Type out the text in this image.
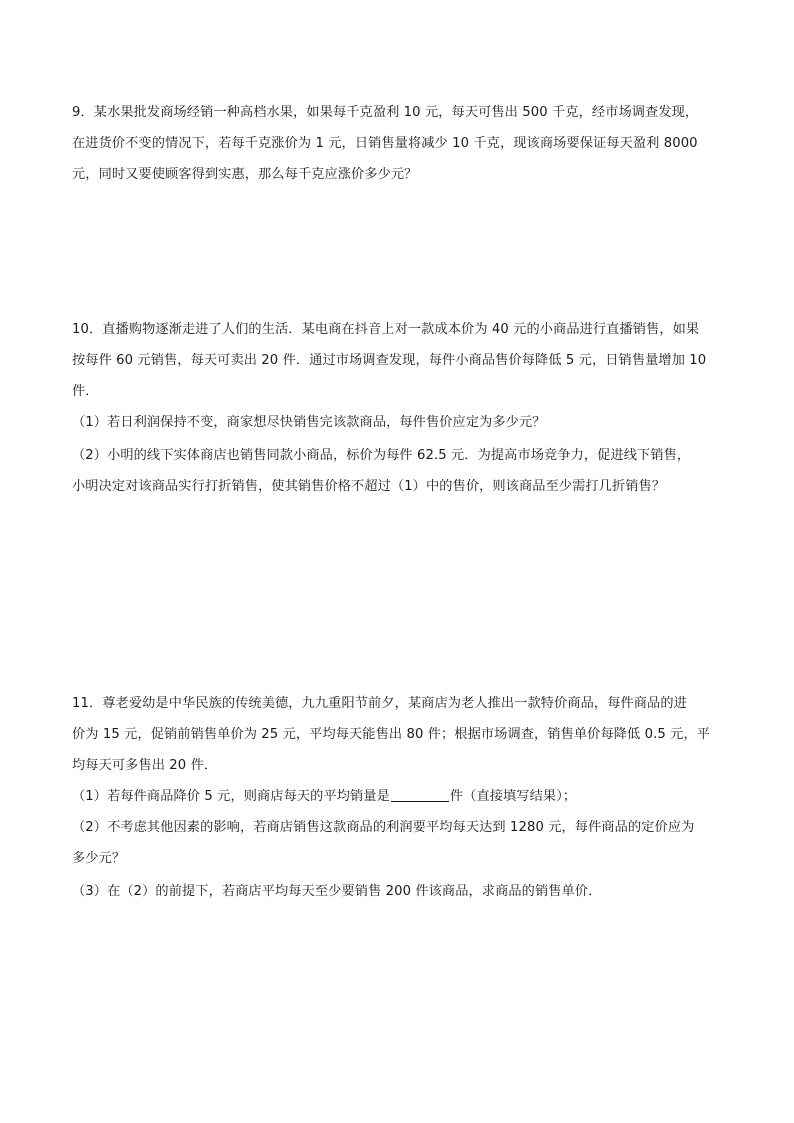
9．某水果批发商场经销一种高档水果，如果每千克盈利 10 元，每天可售出 500 千克，经市场调查发现，
在进货价不变的情况下，若每千克涨价为 1 元，日销售量将减少 10 千克，现该商场要保证每天盈利 8000
元，同时又要使顾客得到实惠，那么每千克应涨价多少元？
10．直播购物逐渐走进了人们的生活．某电商在抖音上对一款成本价为 40 元的小商品进行直播销售，如果
按每件 60 元销售，每天可卖出 20 件．通过市场调查发现，每件小商品售价每降低 5 元，日销售量增加 10
件．
（1）若日利润保持不变，商家想尽快销售完该款商品，每件售价应定为多少元？
（2）小明的线下实体商店也销售同款小商品，标价为每件 62.5 元．为提高市场竞争力，促进线下销售，
小明决定对该商品实行打折销售，使其销售价格不超过（1）中的售价，则该商品至少需打几折销售？
11．尊老爱幼是中华民族的传统美德，九九重阳节前夕，某商店为老人推出一款特价商品，每件商品的进
价为 15 元，促销前销售单价为 25 元，平均每天能售出 80 件；根据市场调查，销售单价每降低 0.5 元，平
均每天可多售出 20 件．
（1）若每件商品降价 5 元，则商店每天的平均销量是	件（直接填写结果）；
（2）不考虑其他因素的影响，若商店销售这款商品的利润要平均每天达到 1280 元，每件商品的定价应为
多少元？
（3）在（2）的前提下，若商店平均每天至少要销售 200 件该商品，求商品的销售单价．
